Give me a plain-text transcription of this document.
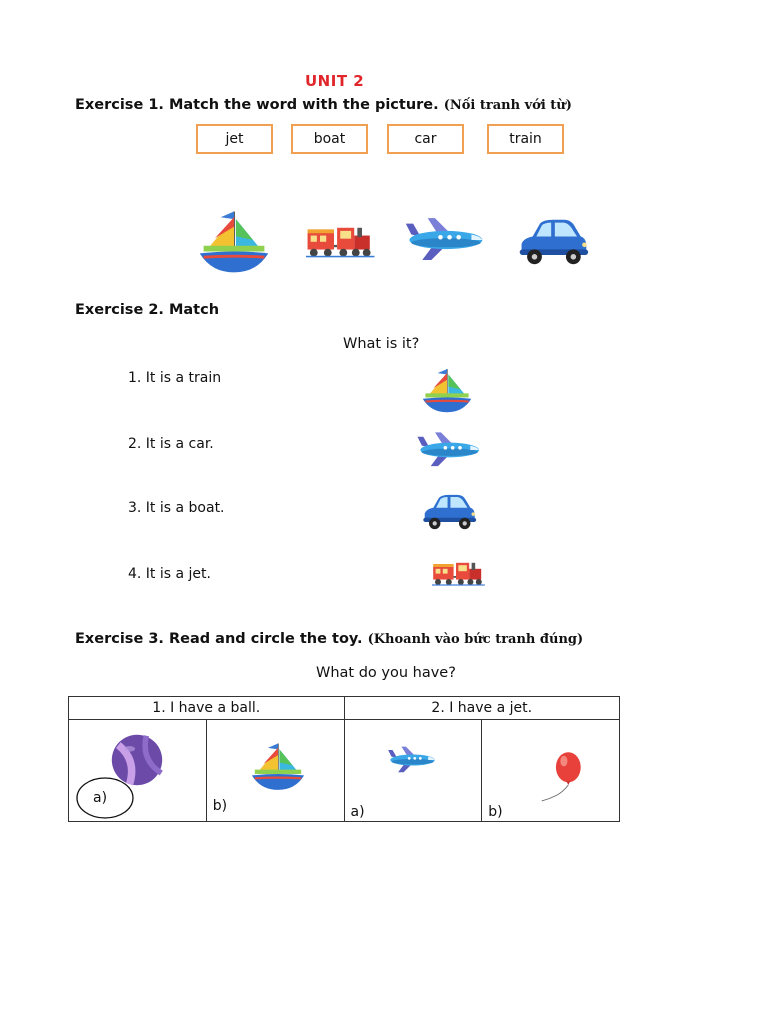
UNIT 2
Exercise 1. Match the word with the picture. (Nối tranh với từ)
jet	boat	car	train
Exercise 2. Match
What is it?
1. It is a train
2. It is a car.
3. It is a boat.
4. It is a jet.
Exercise 3. Read and circle the toy. (Khoanh vào bức tranh đúng)
What do you have?
1. I have a ball.		2. I have a jet.	

a)	b)	a)	b)
